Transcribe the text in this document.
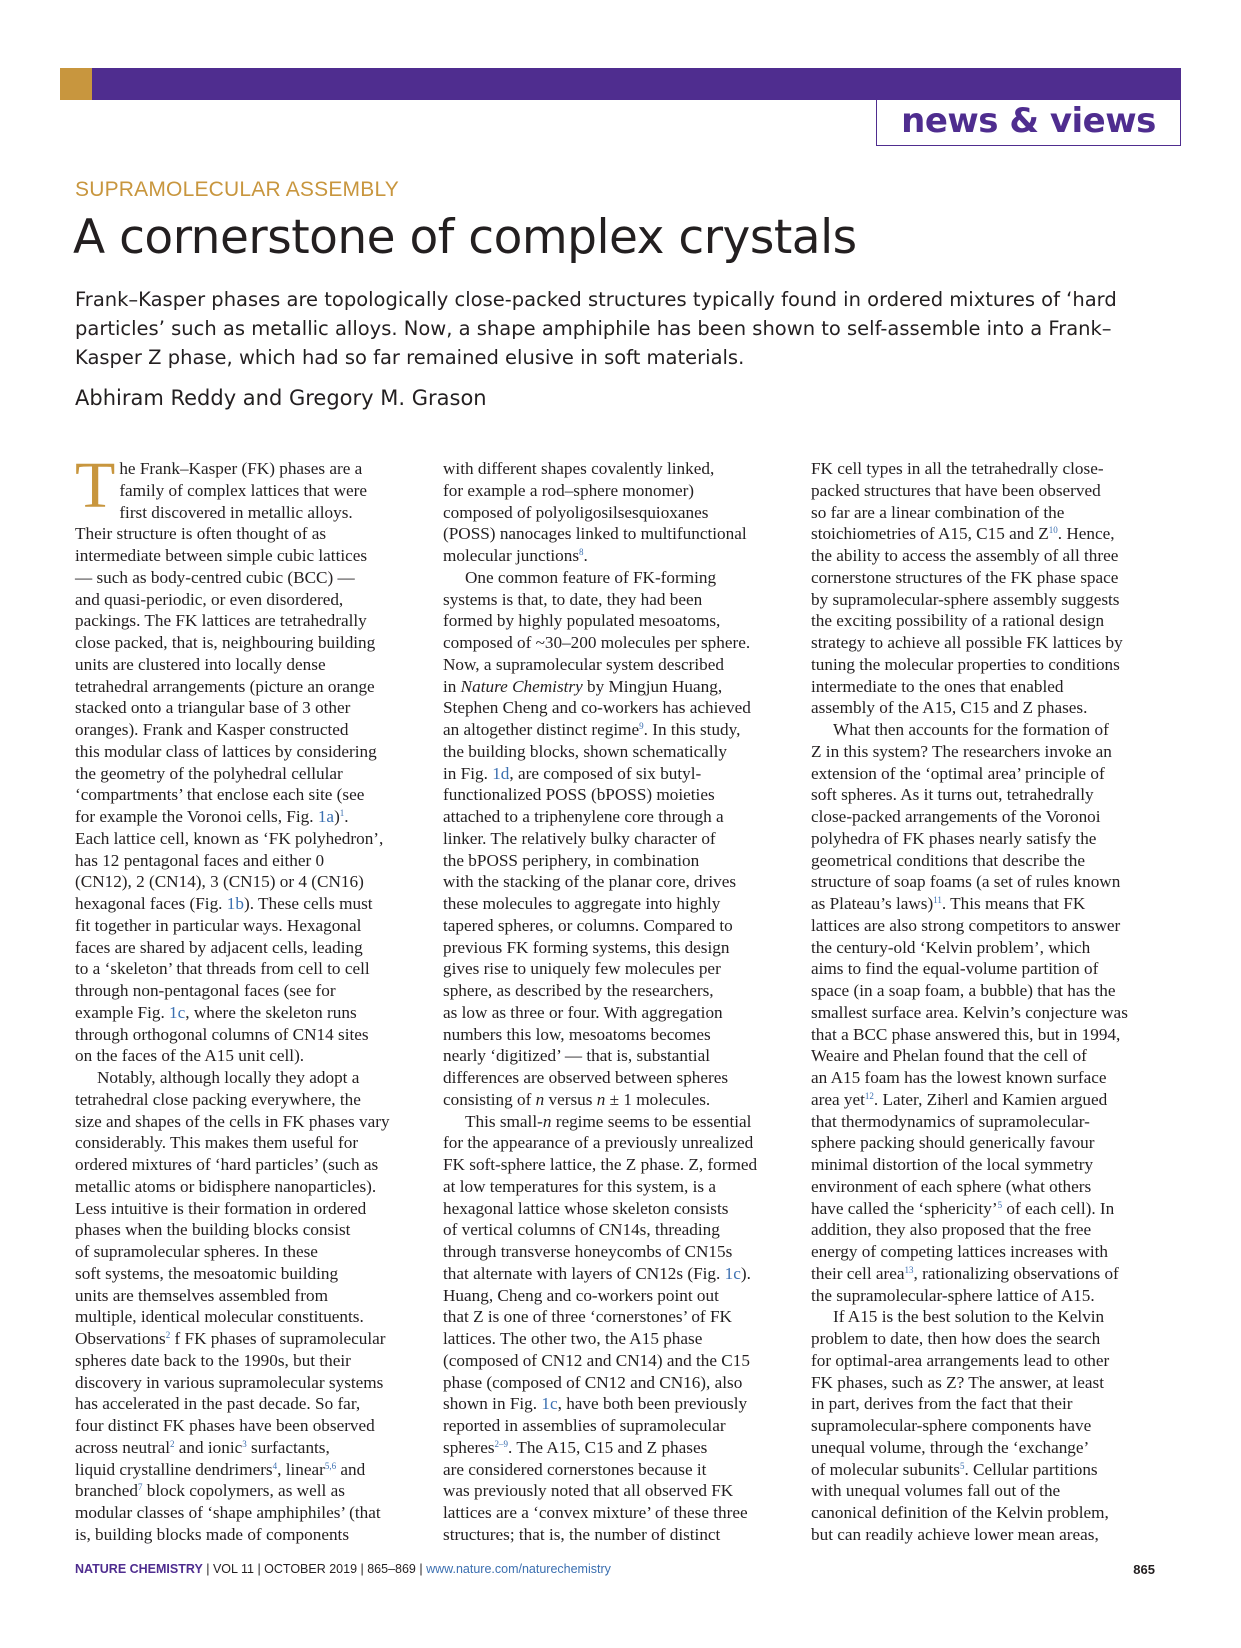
news & views
SUPRAMOLECULAR ASSEMBLY
A cornerstone of complex crystals

Frank–Kasper phases are topologically close-packed structures typically found in ordered mixtures of ‘hard particles’ such as metallic alloys. Now, a shape amphiphile has been shown to self-assemble into a Frank–Kasper Z phase, which had so far remained elusive in soft materials.

Abhiram Reddy and Gregory M. Grason
T he Frank–Kasper (FK) phases are a
family of complex lattices that were
first discovered in metallic alloys.
Their structure is often thought of as
intermediate between simple cubic lattices
— such as body-centred cubic (BCC) —
and quasi-periodic, or even disordered,
packings. The FK lattices are tetrahedrally
close packed, that is, neighbouring building
units are clustered into locally dense
tetrahedral arrangements (picture an orange
stacked onto a triangular base of 3 other
oranges). Frank and Kasper constructed
this modular class of lattices by considering
the geometry of the polyhedral cellular
‘compartments’ that enclose each site (see
for example the Voronoi cells, Fig. 1a)$^1$.
Each lattice cell, known as ‘FK polyhedron’,
has 12 pentagonal faces and either 0
(CN12), 2 (CN14), 3 (CN15) or 4 (CN16)
hexagonal faces (Fig. 1b). These cells must
fit together in particular ways. Hexagonal
faces are shared by adjacent cells, leading
to a ‘skeleton’ that threads from cell to cell
through non-pentagonal faces (see for
example Fig. 1c, where the skeleton runs
through orthogonal columns of CN14 sites
on the faces of the A15 unit cell).
Notably, although locally they adopt a
tetrahedral close packing everywhere, the
size and shapes of the cells in FK phases vary
considerably. This makes them useful for
ordered mixtures of ‘hard particles’ (such as
metallic atoms or bidisphere nanoparticles).
Less intuitive is their formation in ordered
phases when the building blocks consist
of supramolecular spheres. In these
soft systems, the mesoatomic building
units are themselves assembled from
multiple, identical molecular constituents.
Observations$^2$ f FK phases of supramolecular
spheres date back to the 1990s, but their
discovery in various supramolecular systems
has accelerated in the past decade. So far,
four distinct FK phases have been observed
across neutral$^2$ and ionic$^3$ surfactants,
liquid crystalline dendrimers$^4$, linear$^{5,6}$ and
branched$^7$ block copolymers, as well as
modular classes of ‘shape amphiphiles’ (that
is, building blocks made of components
with different shapes covalently linked,
for example a rod–sphere monomer)
composed of polyoligosilsesquioxanes
(POSS) nanocages linked to multifunctional
molecular junctions$^8$.
One common feature of FK-forming
systems is that, to date, they had been
formed by highly populated mesoatoms,
composed of ~30–200 molecules per sphere.
Now, a supramolecular system described
in Nature Chemistry by Mingjun Huang,
Stephen Cheng and co-workers has achieved
an altogether distinct regime$^9$. In this study,
the building blocks, shown schematically
in Fig. 1d, are composed of six butyl-
functionalized POSS (bPOSS) moieties
attached to a triphenylene core through a
linker. The relatively bulky character of
the bPOSS periphery, in combination
with the stacking of the planar core, drives
these molecules to aggregate into highly
tapered spheres, or columns. Compared to
previous FK forming systems, this design
gives rise to uniquely few molecules per
sphere, as described by the researchers,
as low as three or four. With aggregation
numbers this low, mesoatoms becomes
nearly ‘digitized’ — that is, substantial
differences are observed between spheres
consisting of n versus n ± 1 molecules.
This small-n regime seems to be essential
for the appearance of a previously unrealized
FK soft-sphere lattice, the Z phase. Z, formed
at low temperatures for this system, is a
hexagonal lattice whose skeleton consists
of vertical columns of CN14s, threading
through transverse honeycombs of CN15s
that alternate with layers of CN12s (Fig. 1c).
Huang, Cheng and co-workers point out
that Z is one of three ‘cornerstones’ of FK
lattices. The other two, the A15 phase
(composed of CN12 and CN14) and the C15
phase (composed of CN12 and CN16), also
shown in Fig. 1c, have both been previously
reported in assemblies of supramolecular
spheres$^{2-9}$. The A15, C15 and Z phases
are considered cornerstones because it
was previously noted that all observed FK
lattices are a ‘convex mixture’ of these three
structures; that is, the number of distinct
FK cell types in all the tetrahedrally close-
packed structures that have been observed
so far are a linear combination of the
stoichiometries of A15, C15 and Z$^{10}$. Hence,
the ability to access the assembly of all three
cornerstone structures of the FK phase space
by supramolecular-sphere assembly suggests
the exciting possibility of a rational design
strategy to achieve all possible FK lattices by
tuning the molecular properties to conditions
intermediate to the ones that enabled
assembly of the A15, C15 and Z phases.
What then accounts for the formation of
Z in this system? The researchers invoke an
extension of the ‘optimal area’ principle of
soft spheres. As it turns out, tetrahedrally
close-packed arrangements of the Voronoi
polyhedra of FK phases nearly satisfy the
geometrical conditions that describe the
structure of soap foams (a set of rules known
as Plateau’s laws)$^{11}$. This means that FK
lattices are also strong competitors to answer
the century-old ‘Kelvin problem’, which
aims to find the equal-volume partition of
space (in a soap foam, a bubble) that has the
smallest surface area. Kelvin’s conjecture was
that a BCC phase answered this, but in 1994,
Weaire and Phelan found that the cell of
an A15 foam has the lowest known surface
area yet$^{12}$. Later, Ziherl and Kamien argued
that thermodynamics of supramolecular-
sphere packing should generically favour
minimal distortion of the local symmetry
environment of each sphere (what others
have called the ‘sphericity’$^5$ of each cell). In
addition, they also proposed that the free
energy of competing lattices increases with
their cell area$^{13}$, rationalizing observations of
the supramolecular-sphere lattice of A15.
If A15 is the best solution to the Kelvin
problem to date, then how does the search
for optimal-area arrangements lead to other
FK phases, such as Z? The answer, at least
in part, derives from the fact that their
supramolecular-sphere components have
unequal volume, through the ‘exchange’
of molecular subunits$^5$. Cellular partitions
with unequal volumes fall out of the
canonical definition of the Kelvin problem,
but can readily achieve lower mean areas,
NATURE CHEMISTRY | VOL 11 | OCTOBER 2019 | 865–869 | www.nature.com/naturechemistry	865
